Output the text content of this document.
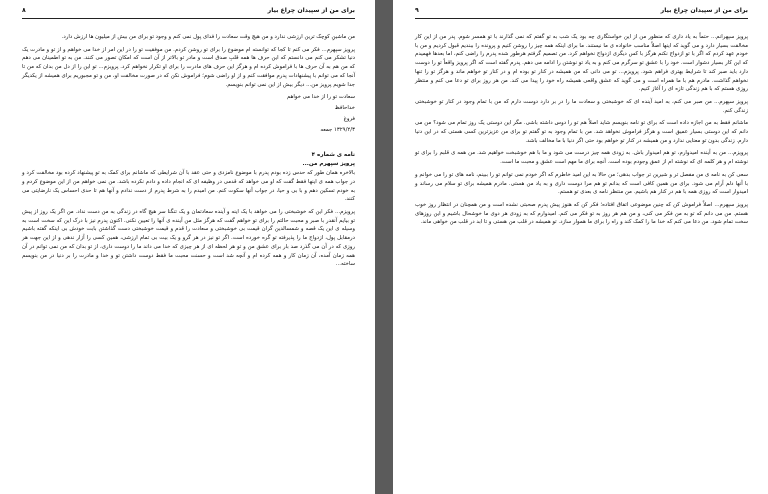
برای من از سپیدان چراغ بیار
۸

من ماشینِ کوچک ترین ارزشی ندارد و من هیچ وقت سعادت را فدای پول نمی کنم و وجود تو برای من بیش از میلیون ها ارزش دارد.

پرویز سپهرم... فکر می کنم تا کجا که توانسته ام موضوع را برای تو روشن کردم. من موفقیت تو را در این امر از خدا می خواهم و از تو و مادرت یک دنیا تشکر می کنم می دانستم که این حرف ها همه قلبِ صدق است و مادر تو بالاتر از آن است که امکانِ تصور می کنند. من به تو اطمینان می دهم که من هم به آن حرف ها با فراموش کرده ام و هرگز این حرف های مادرت را برای او تکرار نخواهم کرد. پرویزم... تو این را از دل من بدان که من تا آنجا که می توانم با پیشنهادات پدرم موافقت کنم و از او راضی شوم؛ فراموش نکن که در صورت مخالفت او، من و تو مجبوریم برای همیشه از یکدیگر جدا شویم پرویز من... دیگر بیش از این نمی توانم بنویسم.

سعادت تو را از خدا می خواهم

خداحافظ

فروغ

۱۳۲۹/۲/۳ جمعه

نامه ی شماره ۴

پرویز سپهرم من...

بالاخره همان طور که حدس زده بودم پدرم با موضوع نامزدی و حتی عقد با آن شرایطی که ماشانم برای کمک به تو پیشنهاد کرده بود مخالفت کرد و در جواب همه ی اینها فقط گفت که او می خواهد که قدمی در وظیفه ای که انجام داده و دادم نکرده باشد. من نمی خواهم من از این موضوع کردم و به خودم تسکین دهم و با بی و حیا، در جواب آنها سکوت کنم. من امیدم را به شرط پدرم از دست ندادم و آنها هم تا حدی احساس یک نارضایتی می کنند.

پرویزم... فکر این که خوشبختی را می خواهد با یک اینه و آینده سعادتمان و یک تنگنا سر هیچ گاه در زندگی به من دست نداد. من اگر یک روز از پیش تو بیایم آنقدر با صبر و محبت حالتم را برای تو خواهم گفت که هرگز مثل من آینده ی آنها را تعیین نکنی. اکنون پدرم نیز با درک این که سخت است به وسیله ی این یک قصه و شمسالدین گران قیمت بی خوشبختی و سعادت را قدم و قیمت خوشبختی دست گذاشتن بابت خودش بی اینکه گفته باشیم درمقابل پول، ازدواج ما را پذیرفته تو گره خورده است. اگر تو نیز در هر گرو و یک بیت بی تمام ارزشی، همین کسی را آزار ندهی و از این جهت هر روزی که در آن می گذرد صد بار برای عشق من و تو هر لحظه ای از هر چیزی که خدا می داند ما را دوست داری، از تو بدان که من نمی توانم در آن همه زمان آمده، آن زمان کار و همه کرده ام و آنچه شد است و حسنت محبت ما فقط دوست داشتن تو و خدا و مادرت را بر دنیا در من بنویسم ساخته...

برای من از سپیدان چراغ بیار
۹

پرویز سپهرانم... حتماً به یاد داری که منظور من از این خواستگاری چه بود یک شب به تو گفتم که نمی گذارند با تو همسر شوم. پدر من از این کار مخالفت بسیار دارد و می گوید که اینها اصلاً مناسب خانواده ی ما نیستند. ما برای اینکه همه چیز را روشن کنیم و پرونده را ببندیم قبول کردیم و من با خودم عهد کردم که اگر با تو ازدواج نکنم هرگز با کس دیگری ازدواج نخواهم کرد. من تصمیم گرفتم هرطور شده پدرم را راضی کنم، اما بعدها فهمیدم که این کار بسیار دشوار است. خود را با عشق تو سرگرم می کنم و به یاد تو نوشتن را ادامه می دهم. پدرم گفته است که اگر پرویز واقعاً تو را دوست دارد باید صبر کند تا شرایط بهتری فراهم شود. پرویزم... تو می دانی که من همیشه در کنار تو بوده ام و در کنار تو خواهم ماند و هرگز تو را تنها نخواهم گذاشت. مادرم هم با ما همراه است و می گوید که عشق واقعی همیشه راه خود را پیدا می کند. من هر روز برای تو دعا می کنم و منتظر روزی هستم که با هم زندگی تازه ای را آغاز کنیم.

پرویز سپهرم... من صبر می کنم، به امید آینده ای که خوشبختی و سعادت ما را در بر دارد دوست دارم که من با تمام وجود در کنار تو خوشبختی زندگی کنم.

ماشانم فقط به من اجازه داده است که برای تو نامه بنویسم شاید اصلاً هم تو را دوس داشته باشی. مگر این دوستی یک روز تمام می شود؟ من می دانم که این دوستی بسیار عمیق است و هرگز فراموش نخواهد شد. من با تمام وجود به تو گفتم تو برای من عزیزترین کسی هستی که در این دنیا دارم. زندگی بدون تو معنایی ندارد و من همیشه در کنار تو خواهم بود حتی اگر دنیا با ما مخالف باشد.

پرویزم... من به آینده امیدوارم، تو هم امیدوار باش. به زودی همه چیز درست می شود و ما با هم خوشبخت خواهیم شد. من همه ی قلبم را برای تو نوشته ام و هر کلمه ای که نوشته ام از عمق وجودم بوده است. آنچه برای ما مهم است عشق و محبت ما است.

سعی کن به نامه ی من مفصل تر و شیرین تر جواب بدهی؛ من حالا به این امید خاطرم که اگر خودم نمی توانم تو را ببینم، نامه های تو را می خوانم و با آنها دلم آرام می شود. برای من همین کافی است که بدانم تو هم مرا دوست داری و به یاد من هستی. مادرم همیشه برای تو سلام می رساند و امیدوار است که روزی همه با هم در کنار هم باشیم. من منتظر نامه ی بعدی تو هستم.

پرویز سپهرم... اصلاً فراموش کن که چنین موضوعی اتفاق افتاده؛ فکر کن که هنوز پیش پدرم صحبتی نشده است و من همچنان در انتظار روز خوب هستم. من می دانم که تو به من فکر می کنی، و من هم هر روز به تو فکر می کنم. امیدوارم که به زودی هر دوی ما خوشحال باشیم و این روزهای سخت تمام شود. من دعا می کنم که خدا ما را کمک کند و راه را برای ما هموار سازد. تو همیشه در قلب من هستی و تا ابد در قلب من خواهی ماند.
